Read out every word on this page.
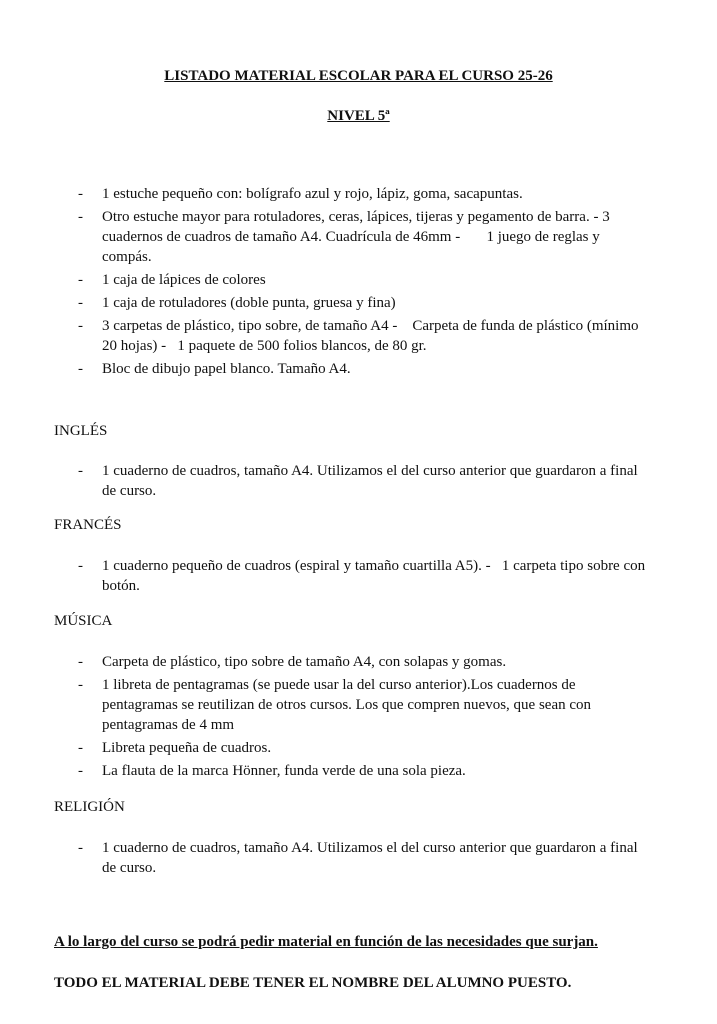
LISTADO MATERIAL ESCOLAR PARA EL CURSO 25-26
NIVEL 5ª
- 1 estuche pequeño con: bolígrafo azul y rojo, lápiz, goma, sacapuntas.
- Otro estuche mayor para rotuladores, ceras, lápices, tijeras y pegamento de barra. - 3 cuadernos de cuadros de tamaño A4. Cuadrícula de 46mm -       1 juego de reglas y compás.
- 1 caja de lápices de colores
- 1 caja de rotuladores (doble punta, gruesa y fina)
- 3 carpetas de plástico, tipo sobre, de tamaño A4 -    Carpeta de funda de plástico (mínimo 20 hojas) -   1 paquete de 500 folios blancos, de 80 gr.
- Bloc de dibujo papel blanco. Tamaño A4.
INGLÉS
- 1 cuaderno de cuadros, tamaño A4. Utilizamos el del curso anterior que guardaron a final de curso.
FRANCÉS
- 1 cuaderno pequeño de cuadros (espiral y tamaño cuartilla A5). -   1 carpeta tipo sobre con botón.
MÚSICA
- Carpeta de plástico, tipo sobre de tamaño A4, con solapas y gomas.
- 1 libreta de pentagramas (se puede usar la del curso anterior).Los cuadernos de pentagramas se reutilizan de otros cursos. Los que compren nuevos, que sean con pentagramas de 4 mm
- Libreta pequeña de cuadros.
- La flauta de la marca Hönner, funda verde de una sola pieza.
RELIGIÓN
- 1 cuaderno de cuadros, tamaño A4. Utilizamos el del curso anterior que guardaron a final de curso.
A lo largo del curso se podrá pedir material en función de las necesidades que surjan.
TODO EL MATERIAL DEBE TENER EL NOMBRE DEL ALUMNO PUESTO.
